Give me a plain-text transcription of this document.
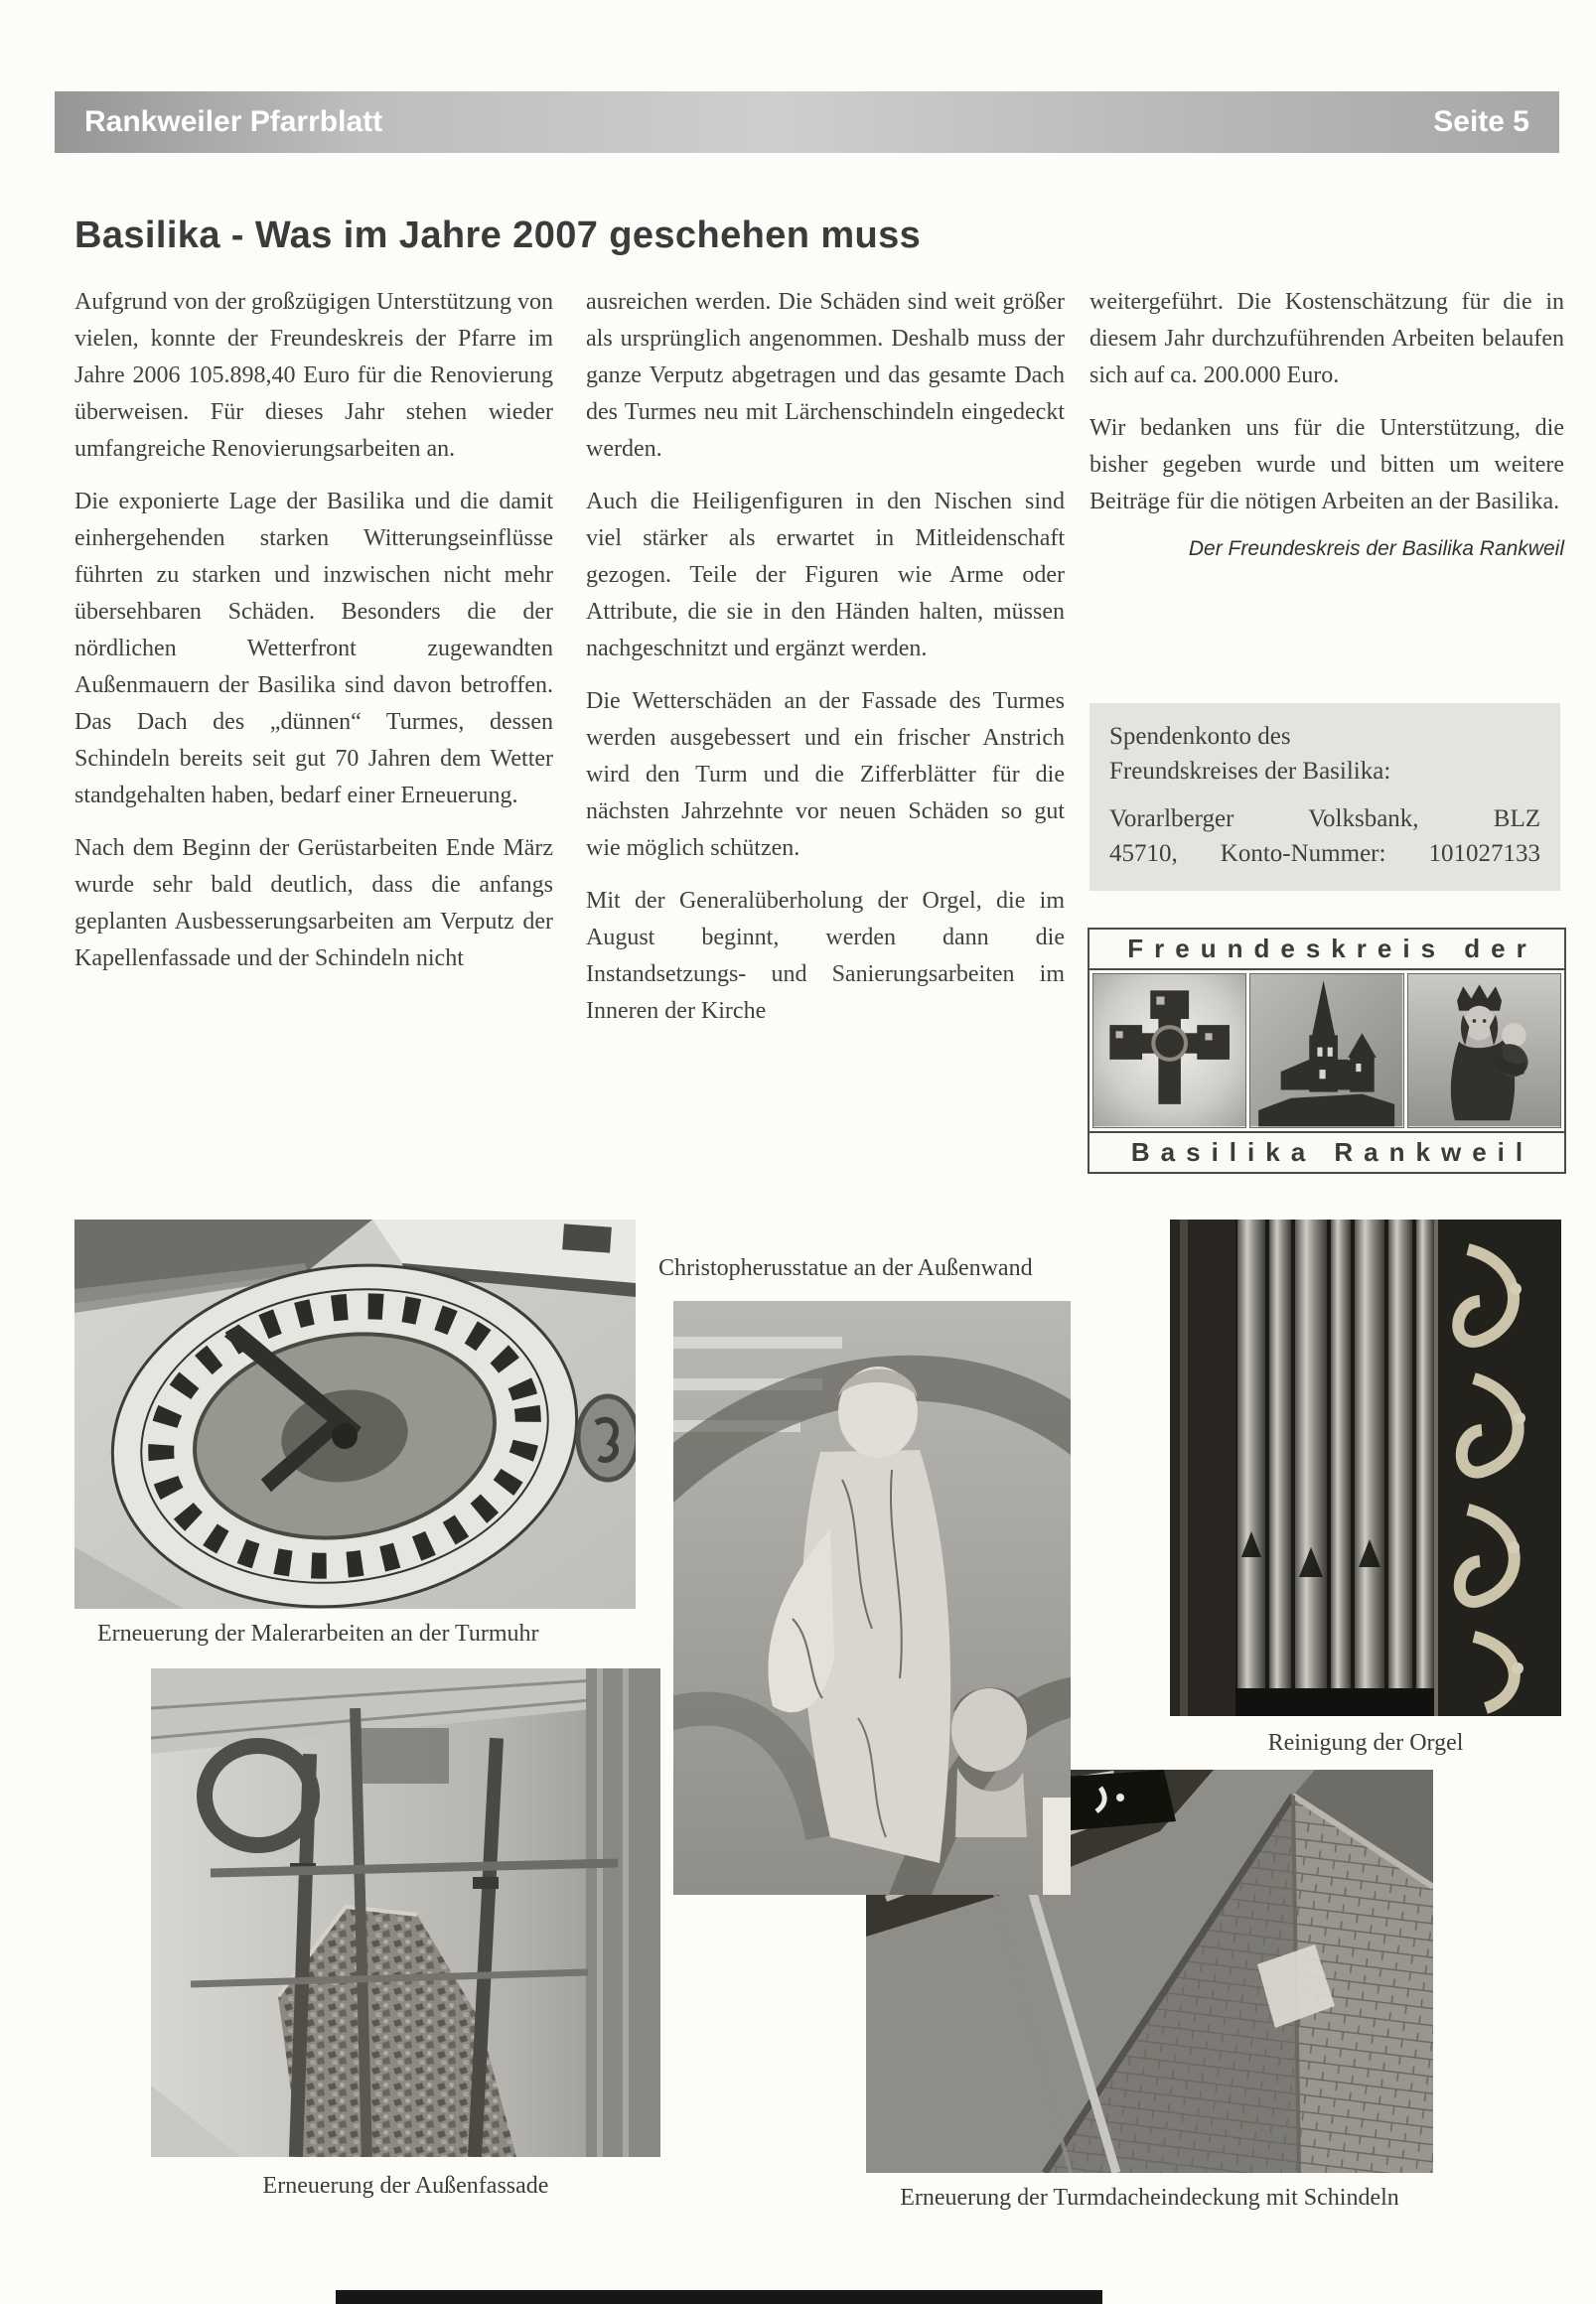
Rankweiler Pfarrblatt	Seite 5
Basilika - Was im Jahre 2007 geschehen muss

Aufgrund von der großzügigen Unterstützung von vielen, konnte der Freundeskreis der Pfarre im Jahre 2006 105.898,40 Euro für die Renovierung überweisen. Für dieses Jahr stehen wieder umfangreiche Renovierungsarbeiten an.

Die exponierte Lage der Basilika und die damit einhergehenden starken Witterungseinflüsse führten zu starken und inzwischen nicht mehr übersehbaren Schäden. Besonders die der nördlichen Wetterfront zugewandten Außenmauern der Basilika sind davon betroffen. Das Dach des „dünnen“ Turmes, dessen Schindeln bereits seit gut 70 Jahren dem Wetter standgehalten haben, bedarf einer Erneuerung.

Nach dem Beginn der Gerüstarbeiten Ende März wurde sehr bald deutlich, dass die anfangs geplanten Ausbesserungsarbeiten am Verputz der Kapellenfassade und der Schindeln nicht

ausreichen werden. Die Schäden sind weit größer als ursprünglich angenommen. Deshalb muss der ganze Verputz abgetragen und das gesamte Dach des Turmes neu mit Lärchenschindeln eingedeckt werden.

Auch die Heiligenfiguren in den Nischen sind viel stärker als erwartet in Mitleidenschaft gezogen. Teile der Figuren wie Arme oder Attribute, die sie in den Händen halten, müssen nachgeschnitzt und ergänzt werden.

Die Wetterschäden an der Fassade des Turmes werden ausgebessert und ein frischer Anstrich wird den Turm und die Zifferblätter für die nächsten Jahrzehnte vor neuen Schäden so gut wie möglich schützen.

Mit der Generalüberholung der Orgel, die im August beginnt, werden dann die Instandsetzungs- und Sanierungsarbeiten im Inneren der Kirche

weitergeführt. Die Kostenschätzung für die in diesem Jahr durchzuführenden Arbeiten belaufen sich auf ca. 200.000 Euro.

Wir bedanken uns für die Unterstützung, die bisher gegeben wurde und bitten um weitere Beiträge für die nötigen Arbeiten an der Basilika.

Der Freundeskreis der Basilika Rankweil
Spendenkonto des
Freundskreises der Basilika:
Vorarlberger Volksbank, BLZ
45710, Konto-Nummer: 101027133
Freundeskreis der
Basilika Rankweil
Christopherusstatue an der Außenwand
Erneuerung der Malerarbeiten an der Turmuhr
Reinigung der Orgel
Erneuerung der Außenfassade	Erneuerung der Turmdacheindeckung mit Schindeln
